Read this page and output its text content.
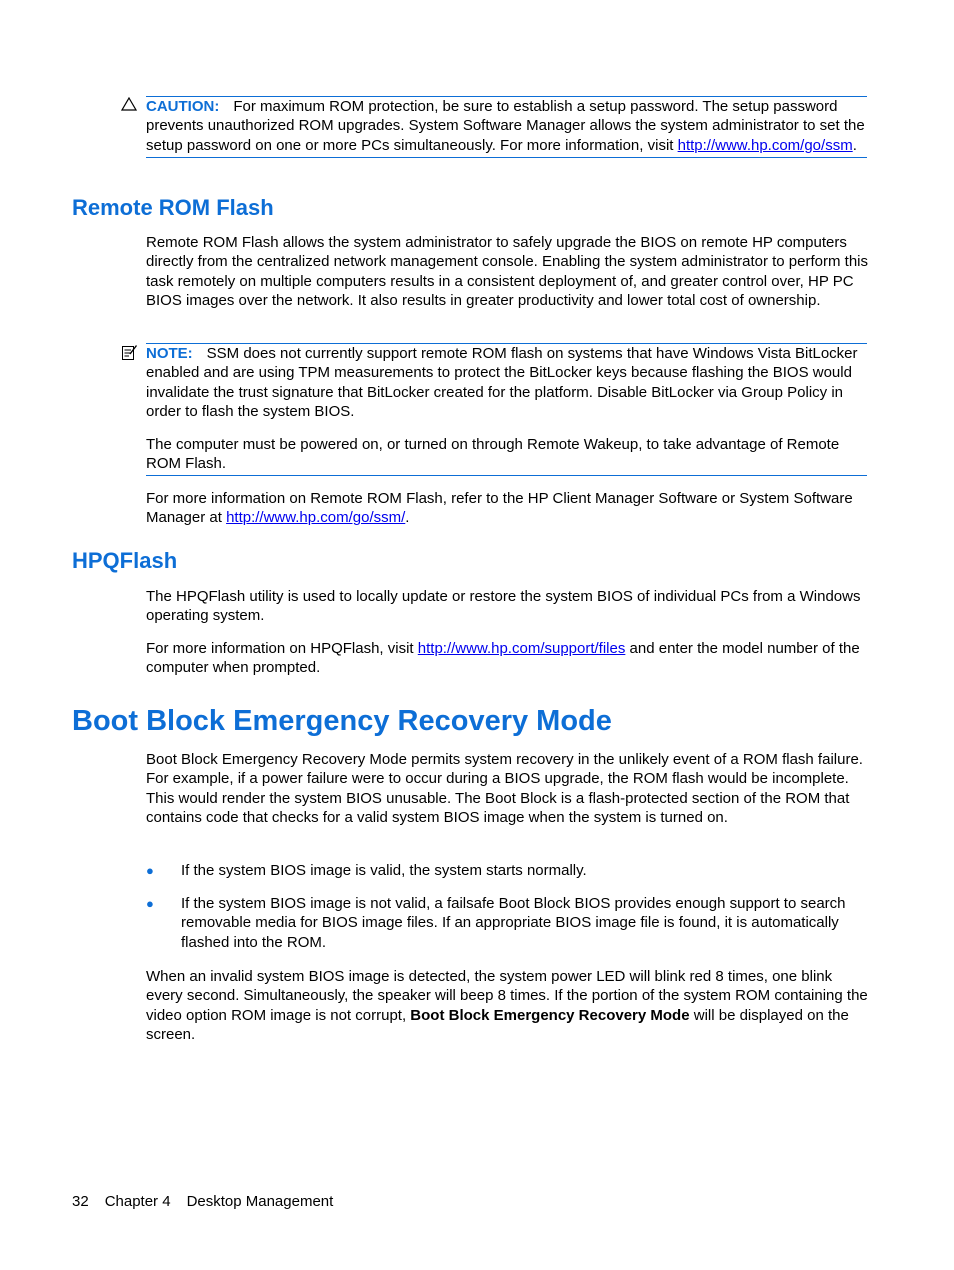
CAUTION: For maximum ROM protection, be sure to establish a setup password. The setup password prevents unauthorized ROM upgrades. System Software Manager allows the system administrator to set the setup password on one or more PCs simultaneously. For more information, visit http://www.hp.com/go/ssm.
Remote ROM Flash

Remote ROM Flash allows the system administrator to safely upgrade the BIOS on remote HP computers directly from the centralized network management console. Enabling the system administrator to perform this task remotely on multiple computers results in a consistent deployment of, and greater control over, HP PC BIOS images over the network. It also results in greater productivity and lower total cost of ownership.

NOTE: SSM does not currently support remote ROM flash on systems that have Windows Vista BitLocker enabled and are using TPM measurements to protect the BitLocker keys because flashing the BIOS would invalidate the trust signature that BitLocker created for the platform. Disable BitLocker via Group Policy in order to flash the system BIOS.

The computer must be powered on, or turned on through Remote Wakeup, to take advantage of Remote ROM Flash.

For more information on Remote ROM Flash, refer to the HP Client Manager Software or System Software Manager at http://www.hp.com/go/ssm/.

HPQFlash

The HPQFlash utility is used to locally update or restore the system BIOS of individual PCs from a Windows operating system.

For more information on HPQFlash, visit http://www.hp.com/support/files and enter the model number of the computer when prompted.

Boot Block Emergency Recovery Mode

Boot Block Emergency Recovery Mode permits system recovery in the unlikely event of a ROM flash failure. For example, if a power failure were to occur during a BIOS upgrade, the ROM flash would be incomplete. This would render the system BIOS unusable. The Boot Block is a flash-protected section of the ROM that contains code that checks for a valid system BIOS image when the system is turned on.

●	If the system BIOS image is valid, the system starts normally.
●	If the system BIOS image is not valid, a failsafe Boot Block BIOS provides enough support to search removable media for BIOS image files. If an appropriate BIOS image file is found, it is automatically flashed into the ROM.

When an invalid system BIOS image is detected, the system power LED will blink red 8 times, one blink every second. Simultaneously, the speaker will beep 8 times. If the portion of the system ROM containing the video option ROM image is not corrupt, Boot Block Emergency Recovery Mode will be displayed on the screen.

32 Chapter 4 Desktop Management
